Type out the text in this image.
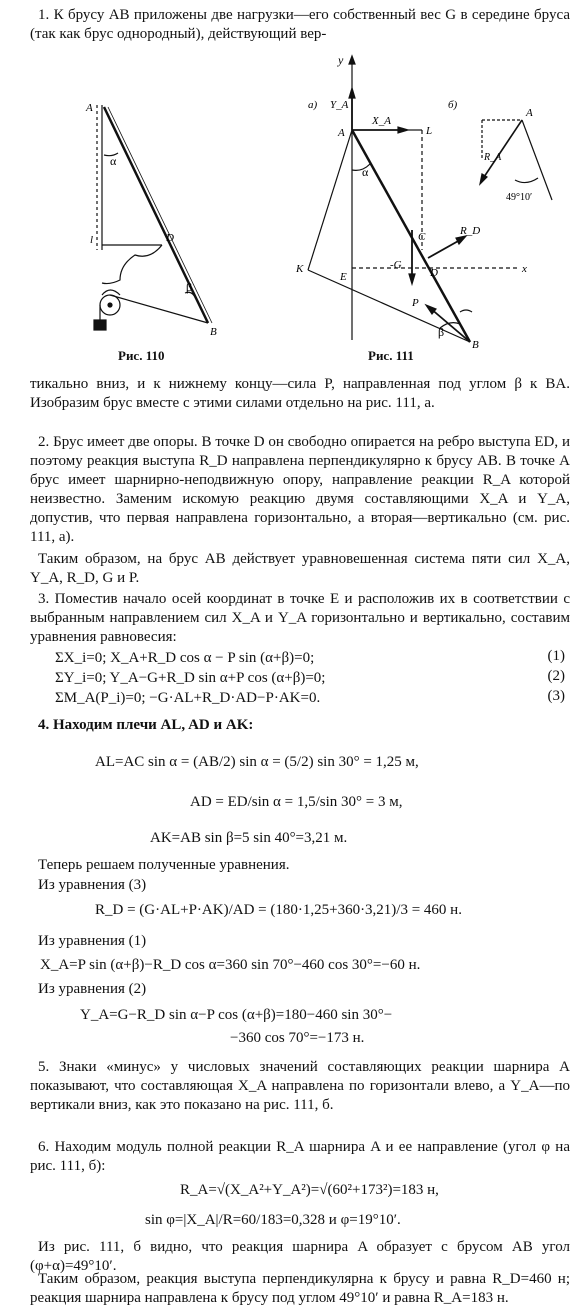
1. К брусу АВ приложены две нагрузки—его собственный вес G в середине бруса (так как брус однородный), действующий вер-
A
α
D
l
β
B
Рис. 110
y
а) Y_A
X_A
A	L
α
C	R_D
-G
D
K
E
P
β
B
x
б)
A
R_A
49°10′
Рис. 111
тикально вниз, и к нижнему концу—сила P, направленная под углом β к BA. Изобразим брус вместе с этими силами отдельно на рис. 111, а.
2. Брус имеет две опоры. В точке D он свободно опирается на ребро выступа ED, и поэтому реакция выступа R_D направлена перпендикулярно к брусу AB. В точке A брус имеет шарнирно-неподвижную опору, направление реакции R_A которой неизвестно. Заменим искомую реакцию двумя составляющими X_A и Y_A, допустив, что первая направлена горизонтально, а вторая—вертикально (см. рис. 111, а).
Таким образом, на брус AB действует уравновешенная система пяти сил X_A, Y_A, R_D, G и P.
3. Поместив начало осей координат в точке E и расположив их в соответствии с выбранным направлением сил X_A и Y_A горизонтально и вертикально, составим уравнения равновесия:
ΣX_i=0; X_A+R_D cos α − P sin (α+β)=0;	(1)
ΣY_i=0; Y_A−G+R_D sin α+P cos (α+β)=0;	(2)
ΣM_A(P_i)=0; −G·AL+R_D·AD−P·AK=0.	(3)
4. Находим плечи AL, AD и AK:
AL=AC sin α = (AB/2) sin α = (5/2) sin 30° = 1,25 м,
AD = ED/sin α = 1,5/sin 30° = 3 м,
AK=AB sin β=5 sin 40°=3,21 м.
Теперь решаем полученные уравнения.
Из уравнения (3)
R_D = (G·AL+P·AK)/AD = (180·1,25+360·3,21)/3 = 460 н.
Из уравнения (1)
X_A=P sin (α+β)−R_D cos α=360 sin 70°−460 cos 30°=−60 н.
Из уравнения (2)
Y_A=G−R_D sin α−P cos (α+β)=180−460 sin 30°−
−360 cos 70°=−173 н.
5. Знаки «минус» у числовых значений составляющих реакции шарнира A показывают, что составляющая X_A направлена по горизонтали влево, а Y_A—по вертикали вниз, как это показано на рис. 111, б.
6. Находим модуль полной реакции R_A шарнира A и ее направление (угол φ на рис. 111, б):
R_A=√(X_A²+Y_A²)=√(60²+173²)=183 н,
sin φ=|X_A|/R=60/183=0,328 и φ=19°10′.
Из рис. 111, б видно, что реакция шарнира A образует с брусом AB угол (φ+α)=49°10′.
Таким образом, реакция выступа перпендикулярна к брусу и равна R_D=460 н; реакция шарнира направлена к брусу под углом 49°10′ и равна R_A=183 н.
